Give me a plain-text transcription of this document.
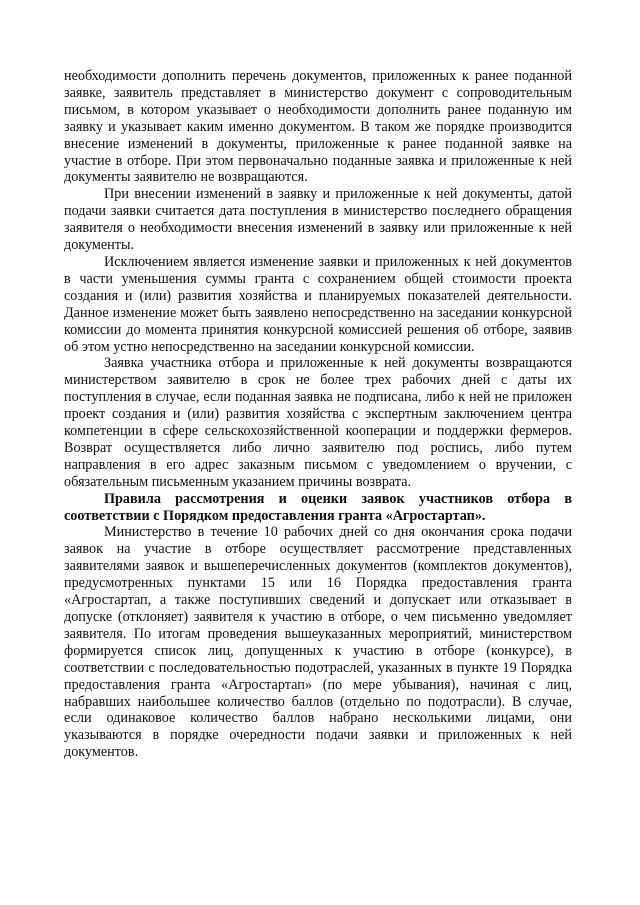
необходимости дополнить перечень документов, приложенных к ранее поданной заявке, заявитель представляет в министерство документ с сопроводительным письмом, в котором указывает о необходимости дополнить ранее поданную им заявку и указывает каким именно документом. В таком же порядке производится внесение изменений в документы, приложенные к ранее поданной заявке на участие в отборе. При этом первоначально поданные заявка и приложенные к ней документы заявителю не возвращаются.

При внесении изменений в заявку и приложенные к ней документы, датой подачи заявки считается дата поступления в министерство последнего обращения заявителя о необходимости внесения изменений в заявку или приложенные к ней документы.

Исключением является изменение заявки и приложенных к ней документов в части уменьшения суммы гранта с сохранением общей стоимости проекта создания и (или) развития хозяйства и планируемых показателей деятельности. Данное изменение может быть заявлено непосредственно на заседании конкурсной комиссии до момента принятия конкурсной комиссией решения об отборе, заявив об этом устно непосредственно на заседании конкурсной комиссии.

Заявка участника отбора и приложенные к ней документы возвращаются министерством заявителю в срок не более трех рабочих дней с даты их поступления в случае, если поданная заявка не подписана, либо к ней не приложен проект создания и (или) развития хозяйства с экспертным заключением центра компетенции в сфере сельскохозяйственной кооперации и поддержки фермеров. Возврат осуществляется либо лично заявителю под роспись, либо путем направления в его адрес заказным письмом с уведомлением о вручении, с обязательным письменным указанием причины возврата.

Правила рассмотрения и оценки заявок участников отбора в соответствии с Порядком предоставления гранта «Агростартап».

Министерство в течение 10 рабочих дней со дня окончания срока подачи заявок на участие в отборе осуществляет рассмотрение представленных заявителями заявок и вышеперечисленных документов (комплектов документов), предусмотренных пунктами 15 или 16 Порядка предоставления гранта «Агростартап, а также поступивших сведений и допускает или отказывает в допуске (отклоняет) заявителя к участию в отборе, о чем письменно уведомляет заявителя. По итогам проведения вышеуказанных мероприятий, министерством формируется список лиц, допущенных к участию в отборе (конкурсе), в соответствии с последовательностью подотраслей, указанных в пункте 19 Порядка предоставления гранта «Агростартап» (по мере убывания), начиная с лиц, набравших наибольшее количество баллов (отдельно по подотрасли). В случае, если одинаковое количество баллов набрано несколькими лицами, они указываются в порядке очередности подачи заявки и приложенных к ней документов.
